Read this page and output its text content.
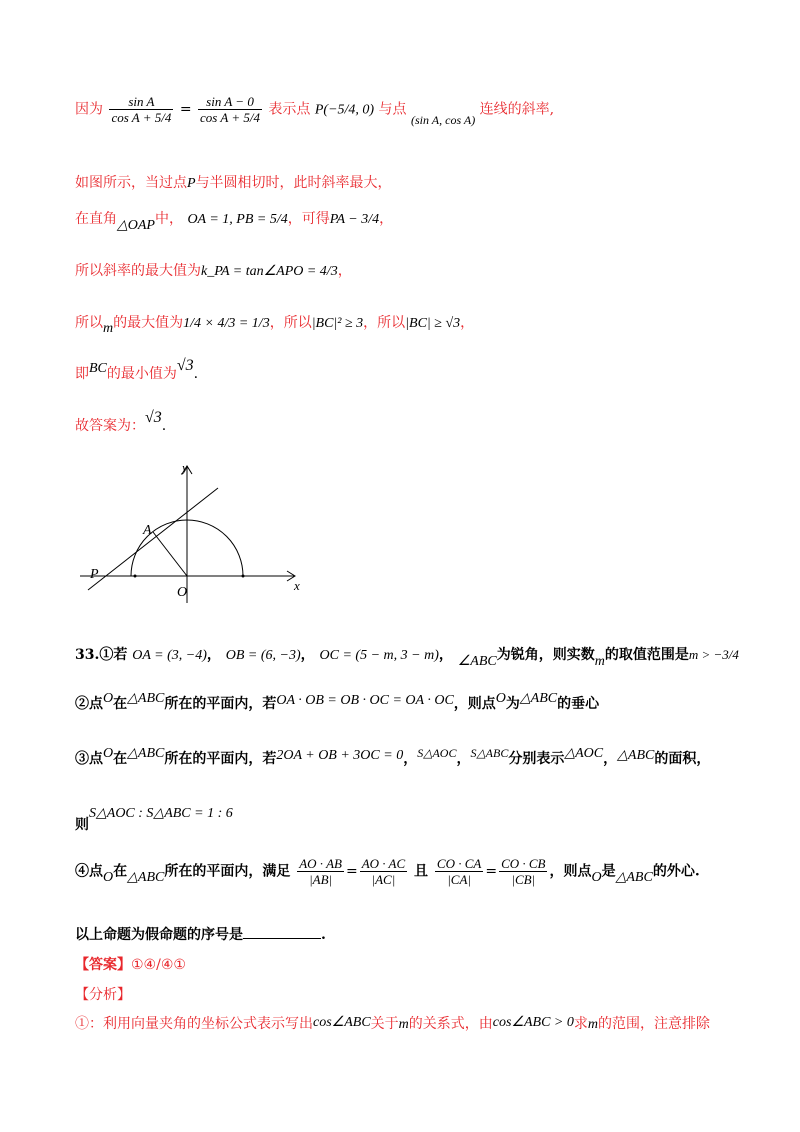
因为 $\frac{\text{sin A}}{\text{cos A + 5/4}} = \frac{\text{sin A − 0}}{\text{cos A + 5/4}}$ 表示点 P(−5/4, 0) 与点 (sin A, cos A) 连线的斜率,
如图所示，当过点P与半圆相切时，此时斜率最大，
在直角△OAP中， OA = 1, PB = 5/4，可得PA − 3/4，
所以斜率的最大值为k_PA = tan∠APO = 4/3，
所以m的最大值为1/4 × 4/3 = 1/3，所以|BC|² ≥ 3，所以|BC| ≥ √3，
即BC的最小值为√3.
故答案为：√3.
y
x
A
O
P
33.①若 OA = (3, −4)， OB = (6, −3)， OC = (5 − m, 3 − m)， ∠ABC为锐角，则实数m的取值范围是m > −3/4
②点O在△ABC所在的平面内，若OA · OB = OB · OC = OA · OC，则点O为△ABC的垂心
③点O在△ABC所在的平面内，若2OA + OB + 3OC = 0，S△AOC，S△ABC分别表示△AOC，△ABC的面积，
则S△AOC : S△ABC = 1 : 6
④点O在△ABC所在的平面内，满足 $\frac{AO \cdot AB}{|AB|} = \frac{AO \cdot AC}{|AC|}$ 且 $\frac{CO \cdot CA}{|CA|} = \frac{CO \cdot CB}{|CB|}$ ，则点O是△ABC的外心.
以上命题为假命题的序号是	.
【答案】①④/④①
【分析】
①：利用向量夹角的坐标公式表示写出cos∠ABC关于m的关系式，由cos∠ABC > 0求m的范围，注意排除
